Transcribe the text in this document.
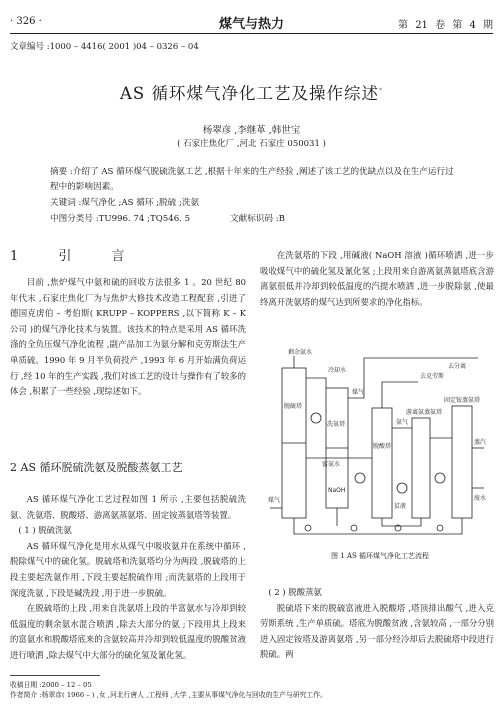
· 326 ·	煤气与热力	第 21 卷 第 4 期
文章编号 :1000 – 4416( 2001 )04 – 0326 – 04
AS 循环煤气净化工艺及操作综述*
杨翠彦 ,李继革 ,韩世宝
( 石家庄焦化厂 ,河北 石家庄 050031 )
摘要 :介绍了 AS 循环煤气脱硫洗氨工艺 ,根据十年来的生产经验 ,阐述了该工艺的优缺点以及在生产运行过程中的影响因素。
关键词 :煤气净化 ;AS 循环 ;脱硫 ;洗氨
中图分类号 :TU996. 74 ;TQ546. 5	文献标识码 :B
1 引 言

目前 ,焦炉煤气中氨和硫的回收方法很多 1 。20 世纪 80 年代末 ,石家庄焦化厂为与焦炉大修技术改造工程配套 ,引进了德国克虏伯 – 考伯斯( KRUPP – KOPPERS ,以下简称 K – K 公司 )的煤气净化技术与装置。该技术的特点是采用 AS 循环洗涤的全负压煤气净化流程 ,副产品加工为氨分解和克劳斯法生产单质硫。1990 年 9 月半负荷投产 ,1993 年 6 月开始满负荷运行 ,经 10 年的生产实践 ,我们对该工艺的设计与操作有了较多的体会 ,积累了一些经验 ,现综述如下。

2 AS 循环脱硫洗氨及脱酸蒸氨工艺

AS 循环煤气净化工艺过程如图 1 所示 ,主要包括脱硫洗氨、洗氨塔、脱酸塔、游离氨蒸氨塔、固定铵蒸氨塔等装置。

( 1 ) 脱硫洗氨

AS 循环煤气净化是用水从煤气中吸收氨并在系统中循环 ,脱除煤气中的硫化氢。脱硫塔和洗氨塔均分为两段 ,脱硫塔的上段主要起洗氨作用 ,下段主要起脱硫作用 ;而洗氨塔的上段用于深度洗氨 ,下段是碱洗段 ,用于进一步脱硫。

在脱硫塔的上段 ,用来自洗氨塔上段的半富氨水与冷却到较低温度的剩余氨水混合喷洒 ,除去大部分的氨 ;下段用其上段来的富氨水和脱酸塔底来的含氨较高并冷却到较低温度的脱酸贫液进行喷洒 ,除去煤气中大部分的硫化氢及氰化氢。

在洗氨塔的下段 ,用碱液( NaOH 溶液 )循环喷洒 ,进一步吸收煤气中的硫化氢及氰化氢 ;上段用来自游离氨蒸氨塔底含游离氨很低并冷却到较低温度的汽提水喷洒 ,进一步脱除氨 ,使最终离开洗氨塔的煤气达到所要求的净化指标。

剩余氨水
冷却水
富氨水
煤气
煤气
脱硫塔
洗氨塔
脱酸塔
游离氨蒸氨塔
固定铵蒸氨塔
NaOH
去克劳斯
氨气
去分离
蒸汽
废水
贫液
图 1 AS 循环煤气净化工艺流程

( 2 ) 脱酸蒸氨

脱硫塔下来的脱硫富液进入脱酸塔 ,塔顶排出酸气 ,进入克劳斯系统 ,生产单质硫。塔底为脱酸贫液 ,含氨较高 ,一部分分别进入固定铵塔及游离氨塔 ,另一部分经冷却后去脱硫塔中段进行脱硫。两

收稿日期 :2000 – 12 – 05
作者简介 :杨翠彦( 1966 – ) ,女 ,河北行唐人 ,工程师 ,大学 ,主要从事煤气净化与回收的生产与研究工作。
